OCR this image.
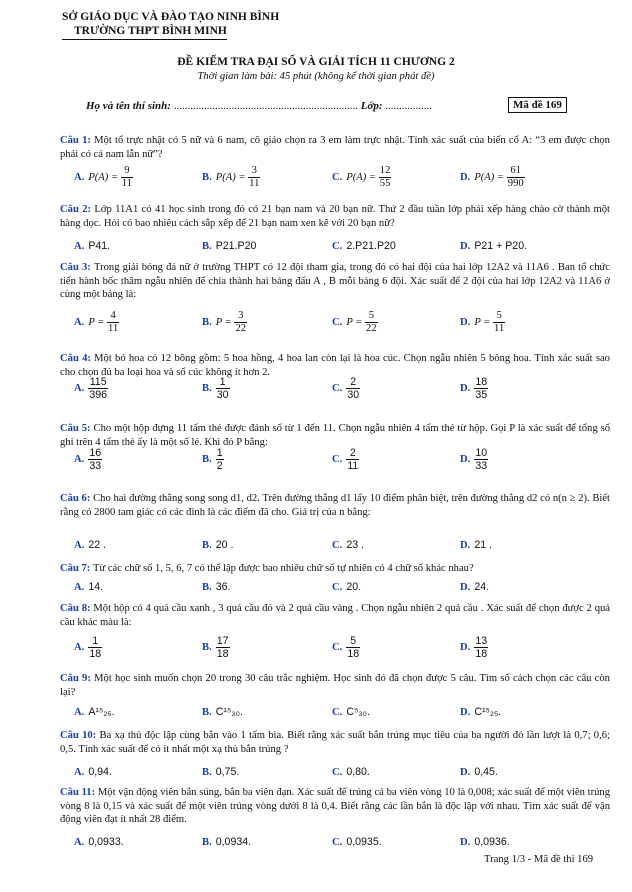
SỞ GIÁO DỤC VÀ ĐÀO TẠO NINH BÌNH
TRƯỜNG THPT BÌNH MINH
ĐỀ KIỂM TRA ĐẠI SỐ VÀ GIẢI TÍCH 11 CHƯƠNG 2
Thời gian làm bài: 45 phút (không kể thời gian phát đề)
Họ và tên thí sinh: ................................................................... Lớp: .................	Mã đề 169
Câu 1: Một tổ trực nhật có 5 nữ và 6 nam, cô giáo chọn ra 3 em làm trực nhật. Tính xác suất của biến cố A: “3 em được chọn phải có cả nam lẫn nữ”?
A. $P(A) = \frac{9}{11}$	B. $P(A) = \frac{3}{11}$	C. $P(A) = \frac{12}{55}$	D. $P(A) = \frac{61}{990}$
Câu 2: Lớp 11A1 có 41 học sinh trong đó có 21 bạn nam và 20 bạn nữ. Thứ 2 đầu tuần lớp phải xếp hàng chào cờ thành một hàng dọc. Hỏi có bao nhiêu cách sắp xếp để 21 bạn nam xen kẽ với 20 bạn nữ?
A. P41.	B. P21.P20	C. 2.P21.P20	D. P21 + P20.
Câu 3: Trong giải bóng đá nữ ở trường THPT có 12 đội tham gia, trong đó có hai đội của hai lớp 12A2 và 11A6 . Ban tổ chức tiến hành bốc thăm ngẫu nhiên để chia thành hai bảng đấu A , B mỗi bảng 6 đội. Xác suất để 2 đội của hai lớp 12A2 và 11A6 ở cùng một bảng là:
A. $P = \frac{4}{11}$	B. $P = \frac{3}{22}$	C. $P = \frac{5}{22}$	D. $P = \frac{5}{11}$
Câu 4: Một bó hoa có 12 bông gồm: 5 hoa hồng, 4 hoa lan còn lại là hoa cúc. Chọn ngẫu nhiên 5 bông hoa. Tính xác suất sao cho chọn đủ ba loại hoa và số cúc không ít hơn 2.
A. $\frac{115}{396}$	B. $\frac{1}{30}$	C. $\frac{2}{30}$	D. $\frac{18}{35}$
Câu 5: Cho một hộp đựng 11 tấm thẻ được đánh số từ 1 đến 11. Chọn ngẫu nhiên 4 tấm thẻ từ hộp. Gọi P là xác suất để tổng số ghi trên 4 tấm thẻ ấy là một số lẻ. Khi đó P bằng:
A. $\frac{16}{33}$	B. $\frac{1}{2}$	C. $\frac{2}{11}$	D. $\frac{10}{33}$
Câu 6: Cho hai đường thẳng song song d1, d2. Trên đường thẳng d1 lấy 10 điểm phân biệt, trên đường thẳng d2 có n(n ≥ 2). Biết rằng có 2800 tam giác có các đỉnh là các điểm đã cho. Giá trị của n bằng:
A. 22 .	B. 20 .	C. 23 .	D. 21 .
Câu 7: Từ các chữ số 1, 5, 6, 7 có thể lập được bao nhiêu chữ số tự nhiên có 4 chữ số khác nhau?
A. 14.	B. 36.	C. 20.	D. 24.
Câu 8: Một hộp có 4 quả cầu xanh , 3 quả cầu đỏ và 2 quả cầu vàng . Chọn ngẫu nhiên 2 quả cầu . Xác suất để chọn được 2 quả cầu khác màu là:
A. $\frac{1}{18}$	B. $\frac{17}{18}$	C. $\frac{5}{18}$	D. $\frac{13}{18}$
Câu 9: Một học sinh muốn chọn 20 trong 30 câu trắc nghiệm. Học sinh đó đã chọn được 5 câu. Tìm số cách chọn các câu còn lại?
A. A¹⁵₂₅.	B. C¹⁵₃₀.	C. C⁵₃₀.	D. C¹⁵₂₅.
Câu 10: Ba xạ thủ độc lập cùng bắn vào 1 tấm bia. Biết rằng xác suất bắn trúng mục tiêu của ba người đó lần lượt là 0,7; 0,6; 0,5. Tính xác suất để có ít nhất một xạ thủ bắn trúng ?
A. 0,94.	B. 0,75.	C. 0,80.	D. 0,45.
Câu 11: Một vận động viên bắn súng, bắn ba viên đạn. Xác suất để trúng cả ba viên vòng 10 là 0,008; xác suất để một viên trúng vòng 8 là 0,15 và xác suất để một viên trúng vòng dưới 8 là 0,4. Biết rằng các lần bắn là độc lập với nhau. Tìm xác suất để vận động viên đạt ít nhất 28 điểm.
A. 0,0933.	B. 0,0934.	C. 0,0935.	D. 0,0936.
Trang 1/3 - Mã đề thi 169
